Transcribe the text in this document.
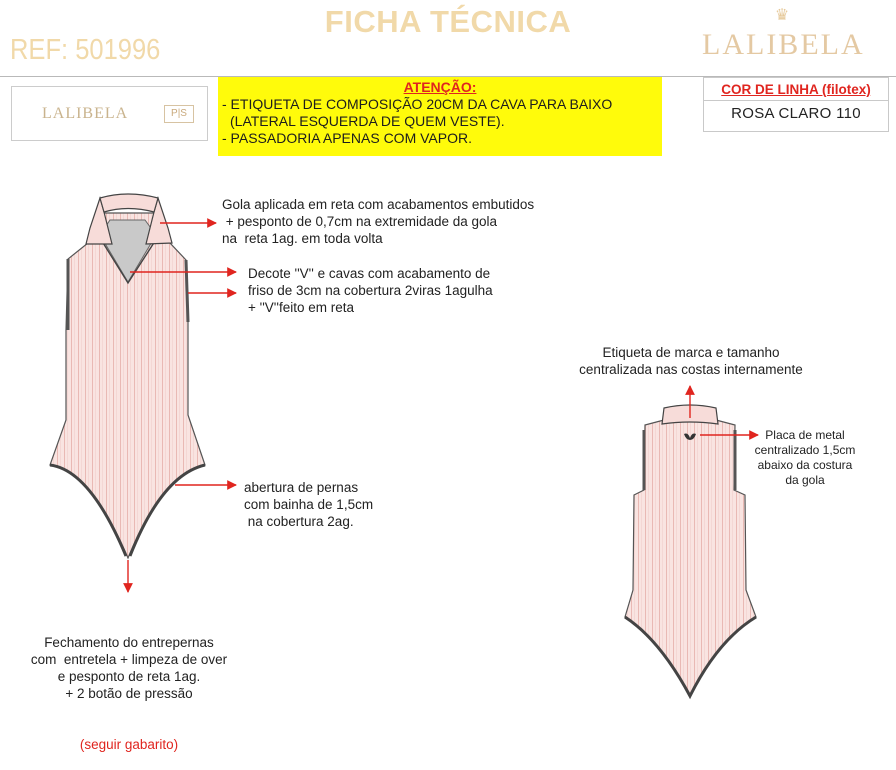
FICHA TÉCNICA
REF: 501996
♛
LALIBELA
LALIBELA	P|S
ATENÇÃO:
- ETIQUETA DE COMPOSIÇÃO 20CM DA CAVA PARA BAIXO
(LATERAL ESQUERDA DE QUEM VESTE).
- PASSADORIA APENAS COM VAPOR.
COR DE LINHA (filotex)
ROSA CLARO 110
Gola aplicada em reta com acabamentos embutidos
+ pesponto de 0,7cm na extremidade da gola
na  reta 1ag. em toda volta
Decote ''V'' e cavas com acabamento de
friso de 3cm na cobertura 2viras 1agulha
+ ''V''feito em reta
abertura de pernas
com bainha de 1,5cm
na cobertura 2ag.

Fechamento do entrepernas
com  entretela + limpeza de over
e pesponto de reta 1ag.
+ 2 botão de pressão

(seguir gabarito)

Etiqueta de marca e tamanho
centralizada nas costas internamente
Placa de metal
centralizado 1,5cm
abaixo da costura
da gola
